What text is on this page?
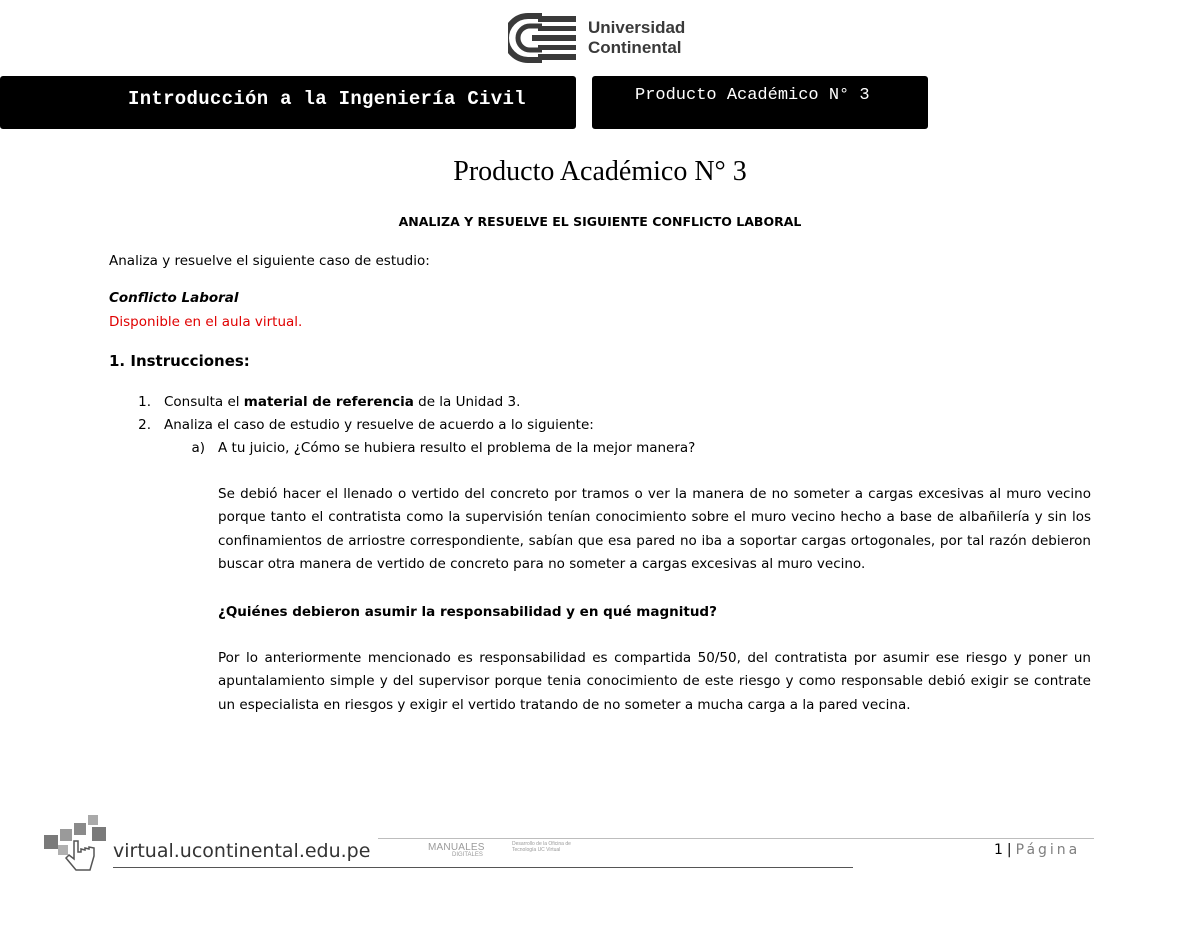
Universidad
Continental
Introducción a la Ingeniería Civil	Producto Académico N° 3
Producto Académico N° 3
ANALIZA Y RESUELVE EL SIGUIENTE CONFLICTO LABORAL
Analiza y resuelve el siguiente caso de estudio:
Conflicto Laboral
Disponible en el aula virtual.
1. Instrucciones:
1. Consulta el material de referencia de la Unidad 3.
2. Analiza el caso de estudio y resuelve de acuerdo a lo siguiente:
a) A tu juicio, ¿Cómo se hubiera resulto el problema de la mejor manera?
Se debió hacer el llenado o vertido del concreto por tramos o ver la manera de no someter a cargas excesivas al muro vecino porque tanto el contratista como la supervisión tenían conocimiento sobre el muro vecino hecho a base de albañilería y sin los confinamientos de arriostre correspondiente, sabían que esa pared no iba a soportar cargas ortogonales, por tal razón debieron buscar otra manera de vertido de concreto para no someter a cargas excesivas al muro vecino.
¿Quiénes debieron asumir la responsabilidad y en qué magnitud?
Por lo anteriormente mencionado es responsabilidad es compartida 50/50, del contratista por asumir ese riesgo y poner un apuntalamiento simple y del supervisor porque tenia conocimiento de este riesgo y como responsable debió exigir se contrate un especialista en riesgos y exigir el vertido tratando de no someter a mucha carga a la pared vecina.
virtual.ucontinental.edu.pe	MANUALES
DIGITALES
Desarrollo de la Oficina de Tecnología UC Virtual	1 | Página
